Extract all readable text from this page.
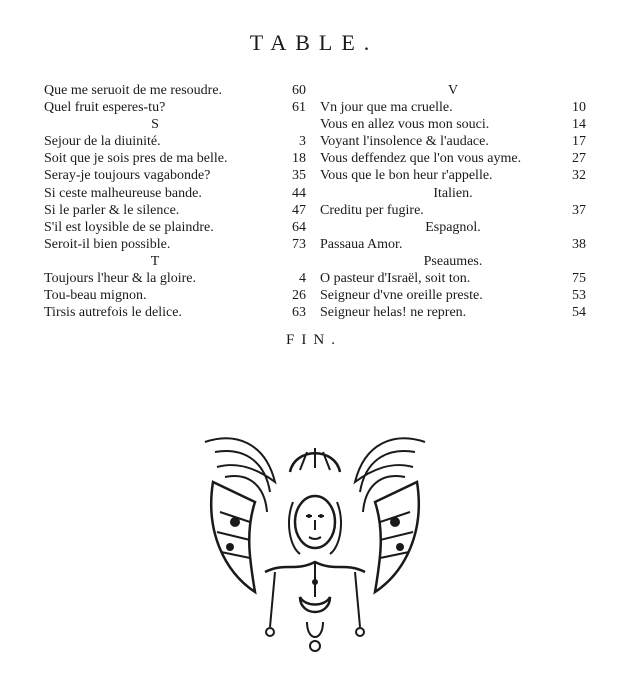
TABLE.
Que me seruoit de me resoudre.	60
Quel fruit esperes-tu?	61
S
Sejour de la diuinité.	3
Soit que je sois pres de ma belle.	18
Seray-je toujours vagabonde?	35
Si ceste malheureuse bande.	44
Si le parler & le silence.	47
S'il est loysible de se plaindre.	64
Seroit-il bien possible.	73
T
Toujours l'heur & la gloire.	4
Tou-beau mignon.	26
Tirsis autrefois le delice.	63
V
Vn jour que ma cruelle.	10
Vous en allez vous mon souci.	14
Voyant l'insolence & l'audace.	17
Vous deffendez que l'on vous ayme.	27
Vous que le bon heur r'appelle.	32
Italien.
Creditu per fugire.	37
Espagnol.
Passaua Amor.	38
Pseaumes.
O pasteur d'Israël, soit ton.	75
Seigneur d'vne oreille preste.	53
Seigneur helas! ne repren.	54
FIN.
